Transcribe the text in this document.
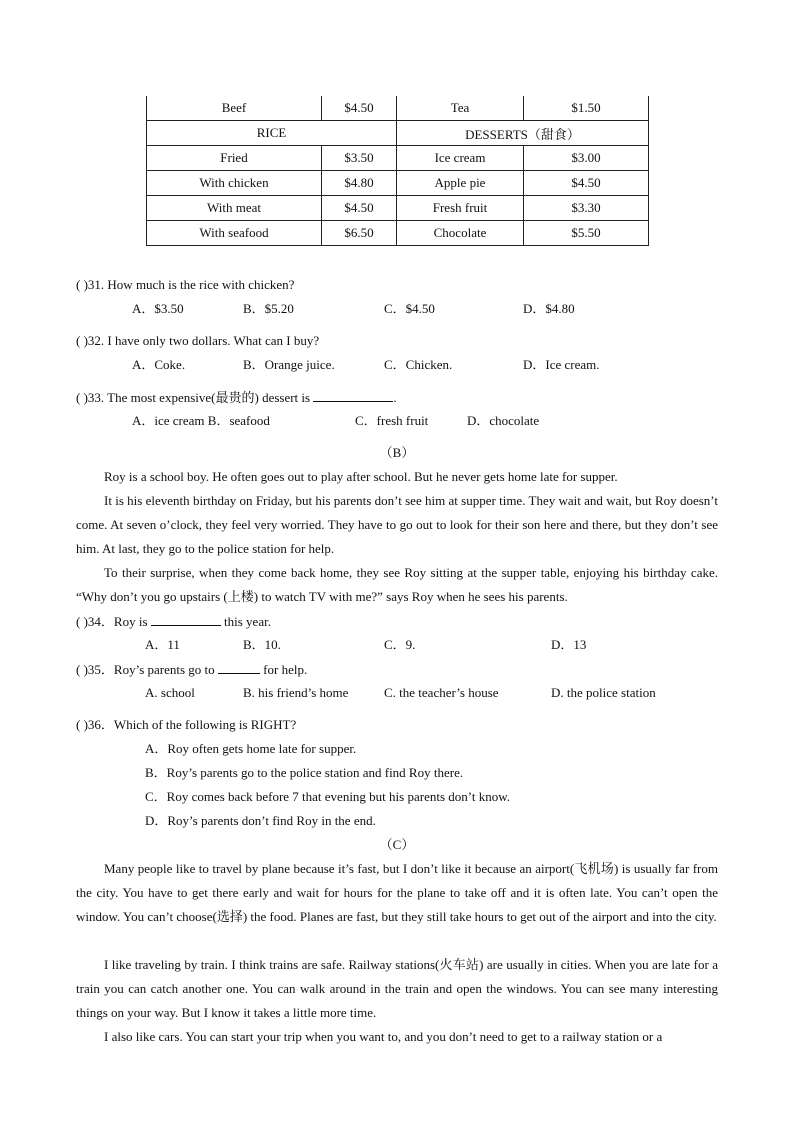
Beef	$4.50	Tea	$1.50
RICE		DESSERTS（甜食）	
Fried	$3.50	Ice cream	$3.00
With chicken	$4.80	Apple pie	$4.50
With meat	$4.50	Fresh fruit	$3.30
With seafood	$6.50	Chocolate	$5.50
( )31. How much is the rice with chicken?
A．$3.50	B．$5.20	C．$4.50	D．$4.80
( )32. I have only two dollars. What can I buy?
A．Coke.	B．Orange juice.	C．Chicken.	D．Ice cream.
( )33. The most expensive(最贵的) dessert is	.
A．ice cream B．seafood	C．fresh fruit	D．chocolate
（B）
Roy is a school boy. He often goes out to play after school. But he never gets home late for supper.
It is his eleventh birthday on Friday, but his parents don’t see him at supper time. They wait and wait, but Roy doesn’t come. At seven o’clock, they feel very worried. They have to go out to look for their son here and there, but they don’t see him. At last, they go to the police station for help.
To their surprise, when they come back home, they see Roy sitting at the supper table, enjoying his birthday cake. “Why don’t you go upstairs (上楼) to watch TV with me?” says Roy when he sees his parents.
( )34．Roy is	this year.
A．11	B．10.	C．9.	D．13
( )35．Roy’s parents go to	for help.
A. school	B. his friend’s home	C. the teacher’s house	D. the police station
( )36．Which of the following is RIGHT?
A．Roy often gets home late for supper.
B．Roy’s parents go to the police station and find Roy there.
C．Roy comes back before 7 that evening but his parents don’t know.
D．Roy’s parents don’t find Roy in the end.
（C）
Many people like to travel by plane because it’s fast, but I don’t like it because an airport(飞机场) is usually far from the city. You have to get there early and wait for hours for the plane to take off and it is often late. You can’t open the window. You can’t choose(选择) the food. Planes are fast, but they still take hours to get out of the airport and into the city.
I like traveling by train. I think trains are safe. Railway stations(火车站) are usually in cities. When you are late for a train you can catch another one. You can walk around in the train and open the windows. You can see many interesting things on your way. But I know it takes a little more time.
I also like cars. You can start your trip when you want to, and you don’t need to get to a railway station or a
